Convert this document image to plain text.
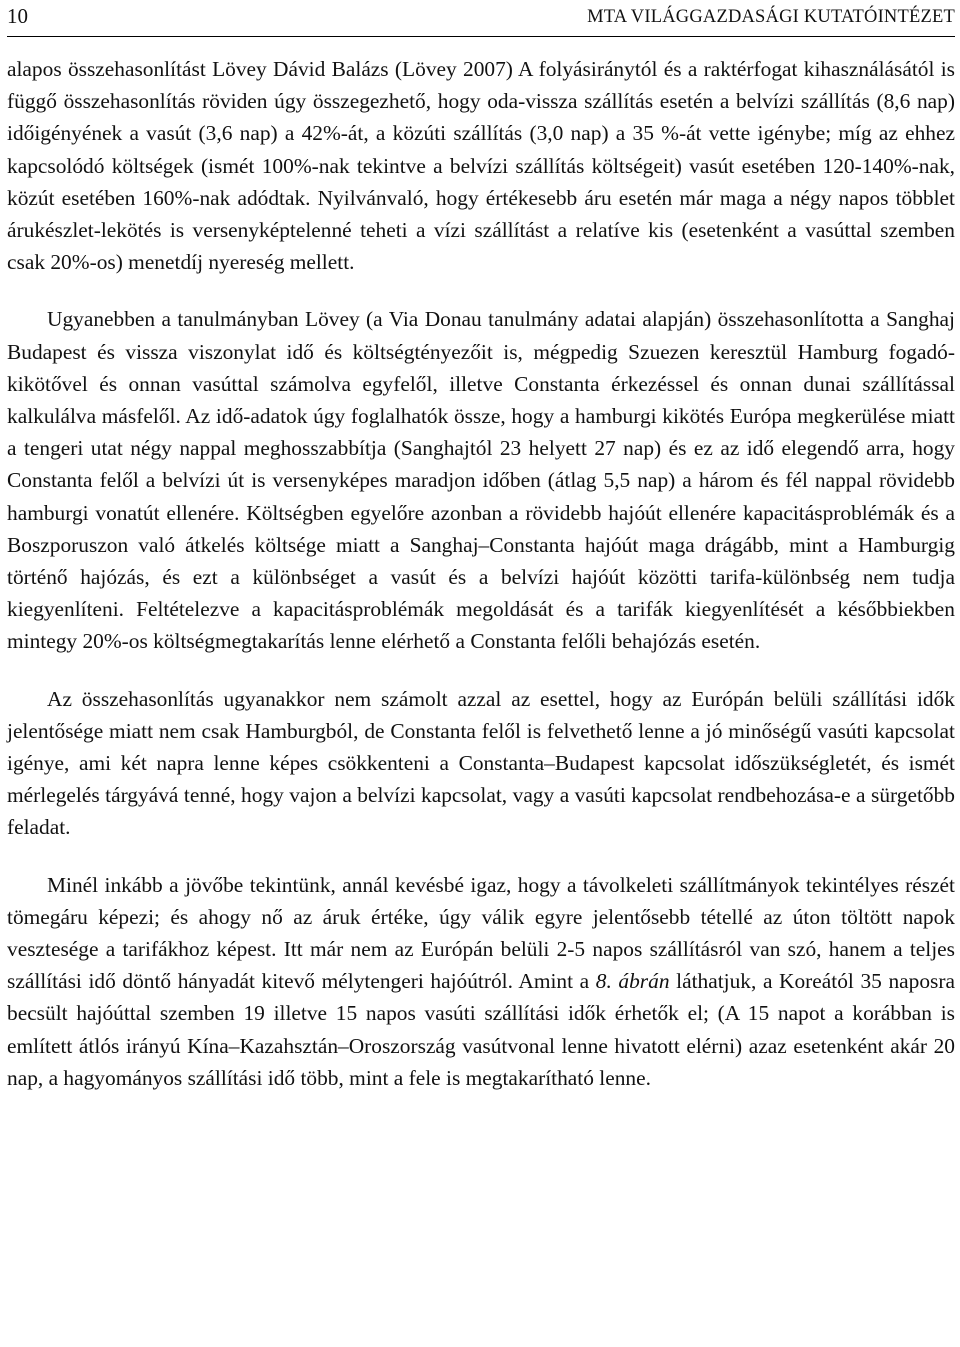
10	MTA VILÁGGAZDASÁGI KUTATÓINTÉZET

alapos összehasonlítást Lövey Dávid Balázs (Lövey 2007) A folyásiránytól és a raktérfogat kihasználásától is függő összehasonlítás röviden úgy összegezhető, hogy oda-vissza szállítás esetén a belvízi szállítás (8,6 nap) időigényének a vasút (3,6 nap) a 42%-át, a közúti szállítás (3,0 nap) a 35 %-át vette igénybe; míg az ehhez kapcsolódó költségek (ismét 100%-nak tekintve a belvízi szállítás költségeit) vasút esetében 120-140%-nak, közút esetében 160%-nak adódtak. Nyilvánvaló, hogy értékesebb áru esetén már maga a négy napos többlet árukészlet-lekötés is versenyképtelenné teheti a vízi szállítást a relatíve kis (esetenként a vasúttal szemben csak 20%-os) menetdíj nyereség mellett.

Ugyanebben a tanulmányban Lövey (a Via Donau tanulmány adatai alapján) összehasonlította a Sanghaj Budapest és vissza viszonylat idő és költségtényezőit is, mégpedig Szuezen keresztül Hamburg fogadó-kikötővel és onnan vasúttal számolva egyfelől, illetve Constanta érkezéssel és onnan dunai szállítással kalkulálva másfelől. Az idő-adatok úgy foglalhatók össze, hogy a hamburgi kikötés Európa megkerülése miatt a tengeri utat négy nappal meghosszabbítja (Sanghajtól 23 helyett 27 nap) és ez az idő elegendő arra, hogy Constanta felől a belvízi út is versenyképes maradjon időben (átlag 5,5 nap) a három és fél nappal rövidebb hamburgi vonatút ellenére. Költségben egyelőre azonban a rövidebb hajóút ellenére kapacitásproblémák és a Boszporuszon való átkelés költsége miatt a Sanghaj–Constanta hajóút maga drágább, mint a Hamburgig történő hajózás, és ezt a különbséget a vasút és a belvízi hajóút közötti tarifa-különbség nem tudja kiegyenlíteni. Feltételezve a kapacitásproblémák megoldását és a tarifák kiegyenlítését a későbbiekben mintegy 20%-os költségmegtakarítás lenne elérhető a Constanta felőli behajózás esetén.

Az összehasonlítás ugyanakkor nem számolt azzal az esettel, hogy az Európán belüli szállítási idők jelentősége miatt nem csak Hamburgból, de Constanta felől is felvethető lenne a jó minőségű vasúti kapcsolat igénye, ami két napra lenne képes csökkenteni a Constanta–Budapest kapcsolat időszükségletét, és ismét mérlegelés tárgyává tenné, hogy vajon a belvízi kapcsolat, vagy a vasúti kapcsolat rendbehozása-e a sürgetőbb feladat.

Minél inkább a jövőbe tekintünk, annál kevésbé igaz, hogy a távolkeleti szállítmányok tekintélyes részét tömegáru képezi; és ahogy nő az áruk értéke, úgy válik egyre jelentősebb tétellé az úton töltött napok vesztesége a tarifákhoz képest. Itt már nem az Európán belüli 2-5 napos szállításról van szó, hanem a teljes szállítási idő döntő hányadát kitevő mélytengeri hajóútról. Amint a 8. ábrán láthatjuk, a Koreától 35 naposra becsült hajóúttal szemben 19 illetve 15 napos vasúti szállítási idők érhetők el; (A 15 napot a korábban is említett átlós irányú Kína–Kazahsztán–Oroszország vasútvonal lenne hivatott elérni) azaz esetenként akár 20 nap, a hagyományos szállítási idő több, mint a fele is megtakarítható lenne.
